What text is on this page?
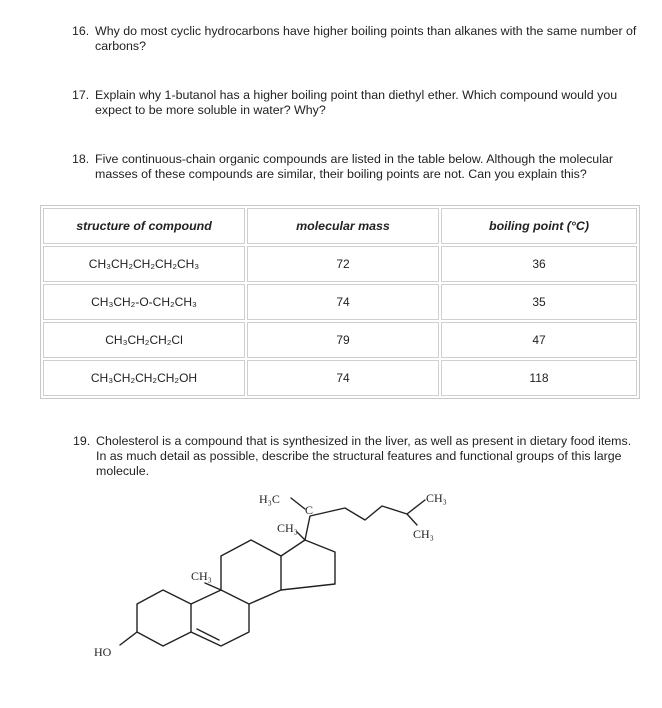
16. Why do most cyclic hydrocarbons have higher boiling points than alkanes with the same number of carbons?
17. Explain why 1-butanol has a higher boiling point than diethyl ether. Which compound would you expect to be more soluble in water? Why?
18. Five continuous-chain organic compounds are listed in the table below. Although the molecular masses of these compounds are similar, their boiling points are not. Can you explain this?
structure of compound	molecular mass	boiling point (°C)
CH₃CH₂CH₂CH₂CH₃	72	36
CH₃CH₂-O-CH₂CH₃	74	35
CH₃CH₂CH₂Cl	79	47
CH₃CH₂CH₂CH₂OH	74	118
19. Cholesterol is a compound that is synthesized in the liver, as well as present in dietary food items. In as much detail as possible, describe the structural features and functional groups of this large molecule.
H₃C
C
CH₃
CH₃	CH₃
CH₃
HO
